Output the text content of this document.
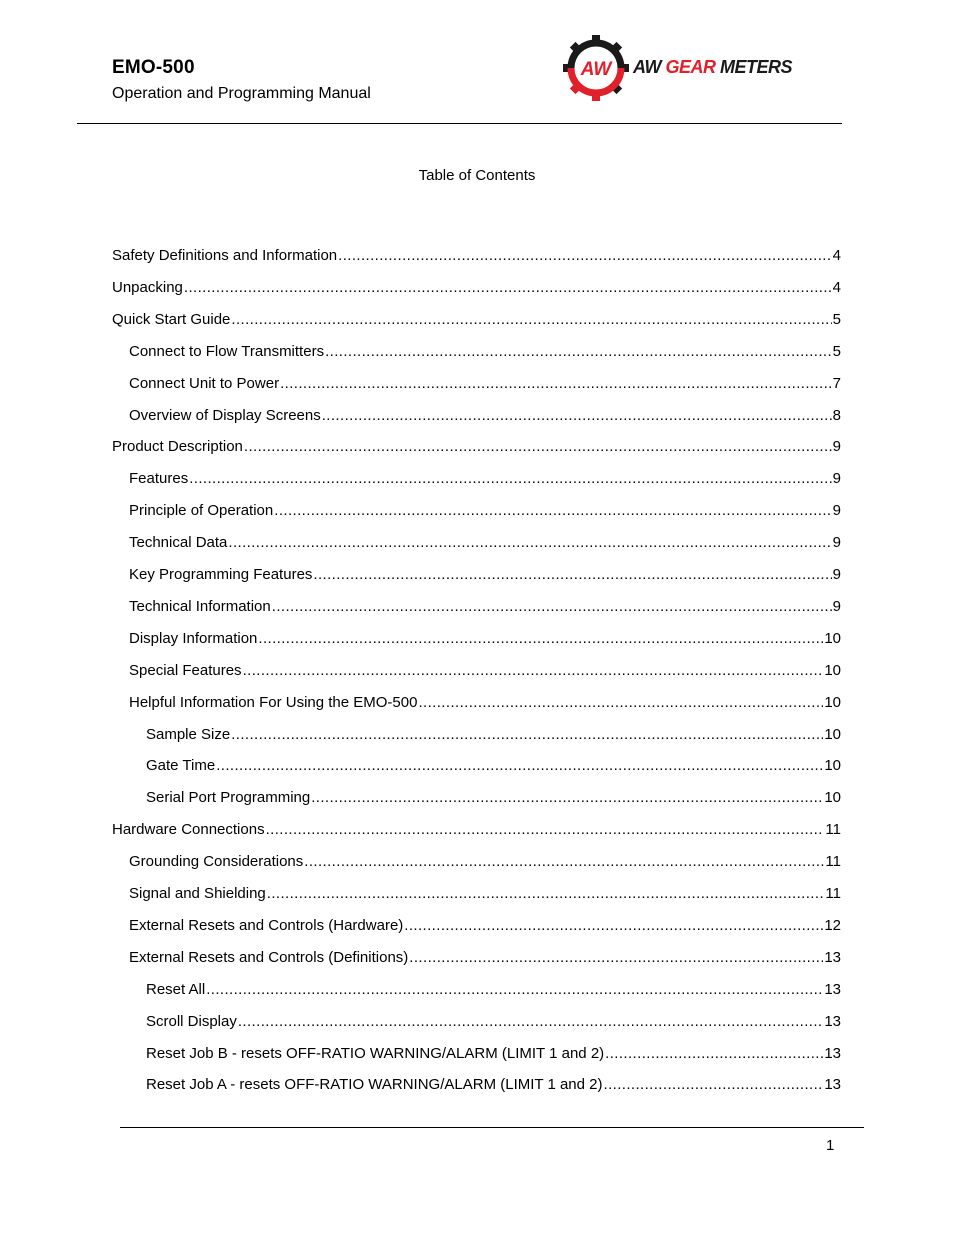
EMO-500
Operation and Programming Manual
AW AW GEAR METERS
Table of Contents
Safety Definitions and Information .....	4
Unpacking .....	4
Quick Start Guide .....	5
Connect to Flow Transmitters .....	5
Connect Unit to Power .....	7
Overview of Display Screens .....	8
Product Description .....	9
Features .....	9
Principle of Operation .....	9
Technical Data .....	9
Key Programming Features .....	9
Technical Information .....	9
Display Information .....	10
Special Features .....	10
Helpful Information For Using the EMO-500 .....	10
Sample Size .....	10
Gate Time .....	10
Serial Port Programming .....	10
Hardware Connections .....	11
Grounding Considerations .....	11
Signal and Shielding .....	11
External Resets and Controls (Hardware) .....	12
External Resets and Controls (Definitions) .....	13
Reset All .....	13
Scroll Display .....	13
Reset Job B - resets OFF-RATIO WARNING/ALARM (LIMIT 1 and 2) .....	13
Reset Job A - resets OFF-RATIO WARNING/ALARM (LIMIT 1 and 2) .....	13
1
